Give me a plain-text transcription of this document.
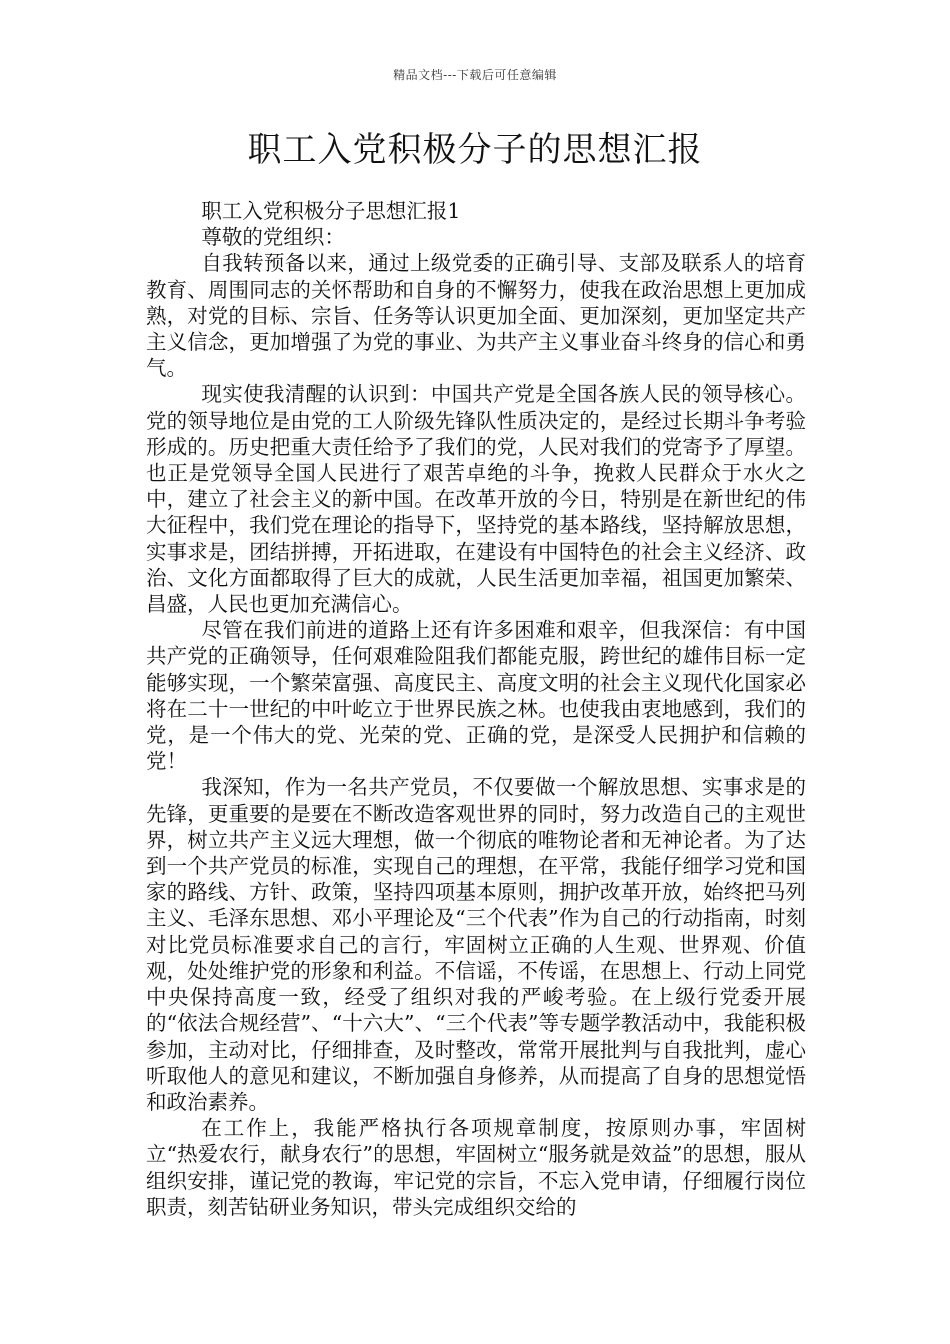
精品文档---下载后可任意编辑
职工入党积极分子的思想汇报

职工入党积极分子思想汇报1

尊敬的党组织：

自我转预备以来，通过上级党委的正确引导、支部及联系人的培育教育、周围同志的关怀帮助和自身的不懈努力，使我在政治思想上更加成熟，对党的目标、宗旨、任务等认识更加全面、更加深刻，更加坚定共产主义信念，更加增强了为党的事业、为共产主义事业奋斗终身的信心和勇气。

现实使我清醒的认识到：中国共产党是全国各族人民的领导核心。党的领导地位是由党的工人阶级先锋队性质决定的，是经过长期斗争考验形成的。历史把重大责任给予了我们的党，人民对我们的党寄予了厚望。也正是党领导全国人民进行了艰苦卓绝的斗争，挽救人民群众于水火之中，建立了社会主义的新中国。在改革开放的今日，特别是在新世纪的伟大征程中，我们党在理论的指导下，坚持党的基本路线，坚持解放思想，实事求是，团结拼搏，开拓进取，在建设有中国特色的社会主义经济、政治、文化方面都取得了巨大的成就，人民生活更加幸福，祖国更加繁荣、昌盛，人民也更加充满信心。

尽管在我们前进的道路上还有许多困难和艰辛，但我深信：有中国共产党的正确领导，任何艰难险阻我们都能克服，跨世纪的雄伟目标一定能够实现，一个繁荣富强、高度民主、高度文明的社会主义现代化国家必将在二十一世纪的中叶屹立于世界民族之林。也使我由衷地感到，我们的党，是一个伟大的党、光荣的党、正确的党，是深受人民拥护和信赖的党！

我深知，作为一名共产党员，不仅要做一个解放思想、实事求是的先锋，更重要的是要在不断改造客观世界的同时，努力改造自己的主观世界，树立共产主义远大理想，做一个彻底的唯物论者和无神论者。为了达到一个共产党员的标准，实现自己的理想，在平常，我能仔细学习党和国家的路线、方针、政策，坚持四项基本原则，拥护改革开放，始终把马列主义、毛泽东思想、邓小平理论及“三个代表”作为自己的行动指南，时刻对比党员标准要求自己的言行，牢固树立正确的人生观、世界观、价值观，处处维护党的形象和利益。不信谣，不传谣，在思想上、行动上同党中央保持高度一致，经受了组织对我的严峻考验。在上级行党委开展的“依法合规经营”、“十六大”、“三个代表”等专题学教活动中，我能积极参加，主动对比，仔细排查，及时整改，常常开展批判与自我批判，虚心听取他人的意见和建议，不断加强自身修养，从而提高了自身的思想觉悟和政治素养。

在工作上，我能严格执行各项规章制度，按原则办事，牢固树立“热爱农行，献身农行”的思想，牢固树立“服务就是效益”的思想，服从组织安排，谨记党的教诲，牢记党的宗旨，不忘入党申请，仔细履行岗位职责，刻苦钻研业务知识，带头完成组织交给的
